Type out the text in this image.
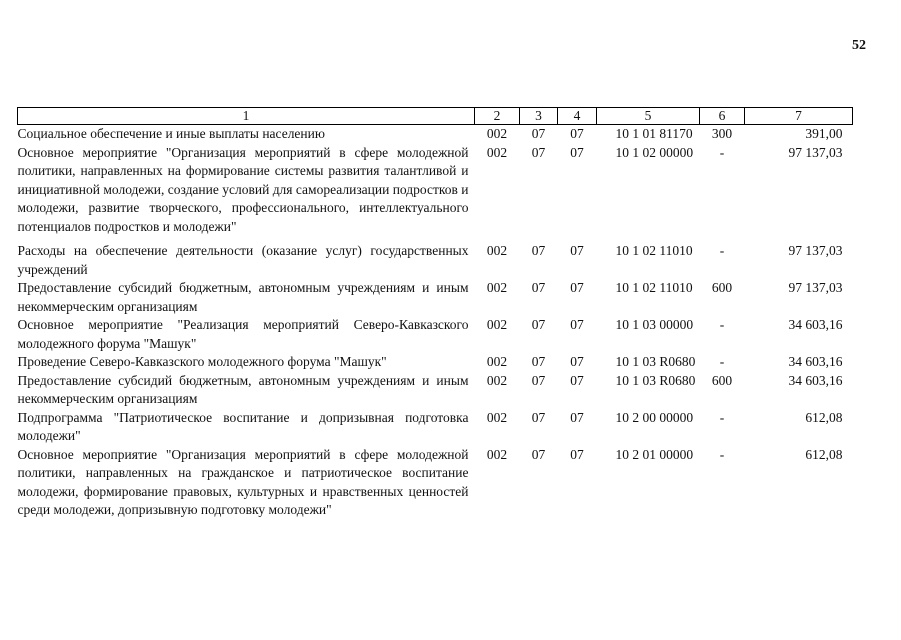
52
1	2	3	4	5	6	7
Социальное обеспечение и иные выплаты населению	002	07	07	10 1 01 81170	300	391,00
Основное мероприятие "Организация мероприятий в сфере молодежной политики, направленных на формирование системы развития талантливой и инициативной молодежи, создание условий для самореализации подростков и молодежи, развитие творческого, профессионального, интеллектуального потенциалов подростков и молодежи"	002	07	07	10 1 02 00000	-	97 137,03
Расходы на обеспечение деятельности (оказание услуг) государственных учреждений	002	07	07	10 1 02 11010	-	97 137,03
Предоставление субсидий бюджетным, автономным учреждениям и иным некоммерческим организациям	002	07	07	10 1 02 11010	600	97 137,03
Основное мероприятие "Реализация мероприятий Северо-Кавказского молодежного форума "Машук"	002	07	07	10 1 03 00000	-	34 603,16
Проведение Северо-Кавказского молодежного форума "Машук"	002	07	07	10 1 03 R0680	-	34 603,16
Предоставление субсидий бюджетным, автономным учреждениям и иным некоммерческим организациям	002	07	07	10 1 03 R0680	600	34 603,16
Подпрограмма "Патриотическое воспитание и допризывная подготовка молодежи"	002	07	07	10 2 00 00000	-	612,08
Основное мероприятие "Организация мероприятий в сфере молодежной политики, направленных на гражданское и патриотическое воспитание молодежи, формирование правовых, культурных и нравственных ценностей среди молодежи, допризывную подготовку молодежи"	002	07	07	10 2 01 00000	-	612,08
